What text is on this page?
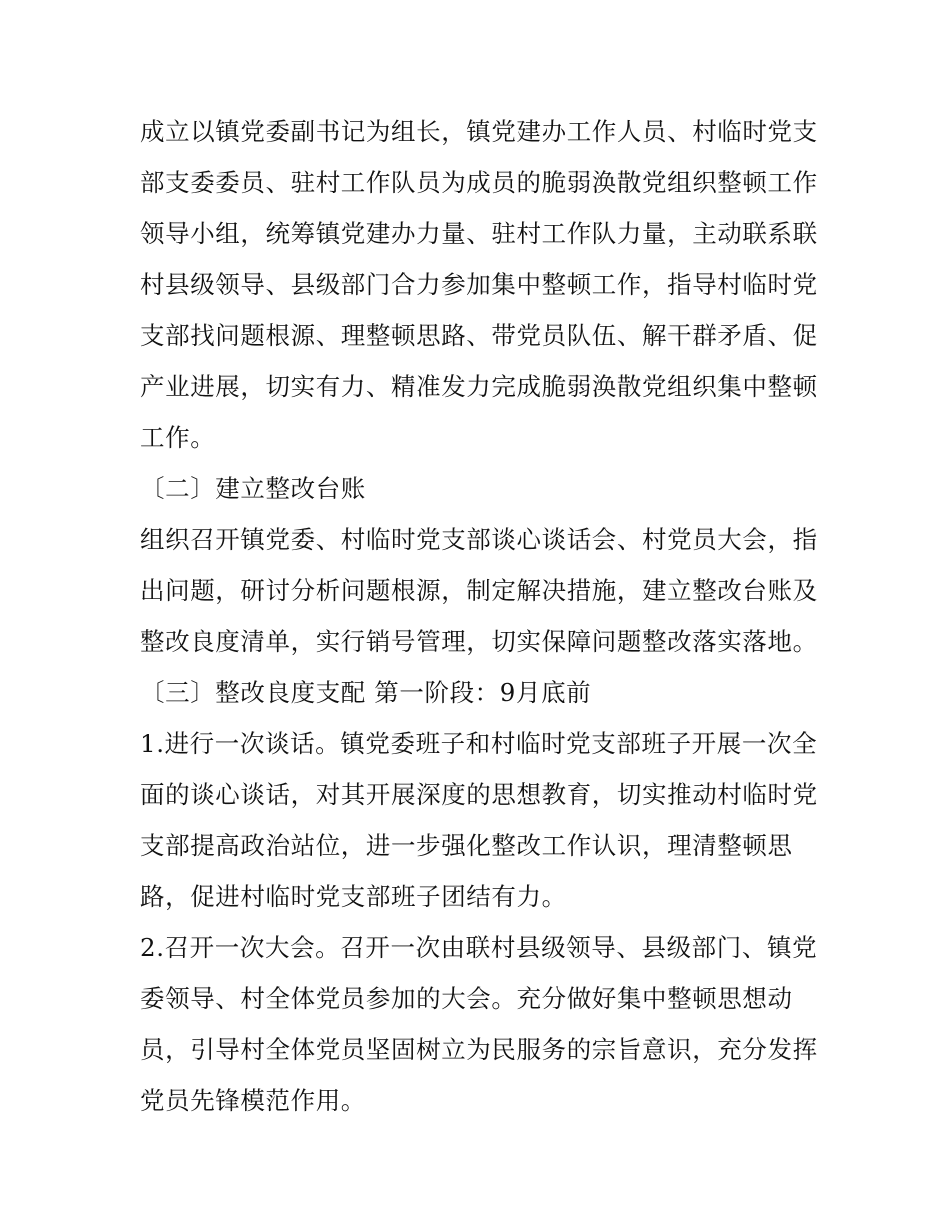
成立以镇党委副书记为组长，镇党建办工作人员、村临时党支部支委委员、驻村工作队员为成员的脆弱涣散党组织整顿工作领导小组，统筹镇党建办力量、驻村工作队力量，主动联系联村县级领导、县级部门合力参加集中整顿工作，指导村临时党支部找问题根源、理整顿思路、带党员队伍、解干群矛盾、促产业进展，切实有力、精准发力完成脆弱涣散党组织集中整顿工作。

〔二〕建立整改台账

组织召开镇党委、村临时党支部谈心谈话会、村党员大会，指出问题，研讨分析问题根源，制定解决措施，建立整改台账及整改良度清单，实行销号管理，切实保障问题整改落实落地。

〔三〕整改良度支配 第一阶段：9月底前

1.进行一次谈话。镇党委班子和村临时党支部班子开展一次全面的谈心谈话，对其开展深度的思想教育，切实推动村临时党支部提高政治站位，进一步强化整改工作认识，理清整顿思路，促进村临时党支部班子团结有力。

2.召开一次大会。召开一次由联村县级领导、县级部门、镇党委领导、村全体党员参加的大会。充分做好集中整顿思想动员，引导村全体党员坚固树立为民服务的宗旨意识，充分发挥党员先锋模范作用。
